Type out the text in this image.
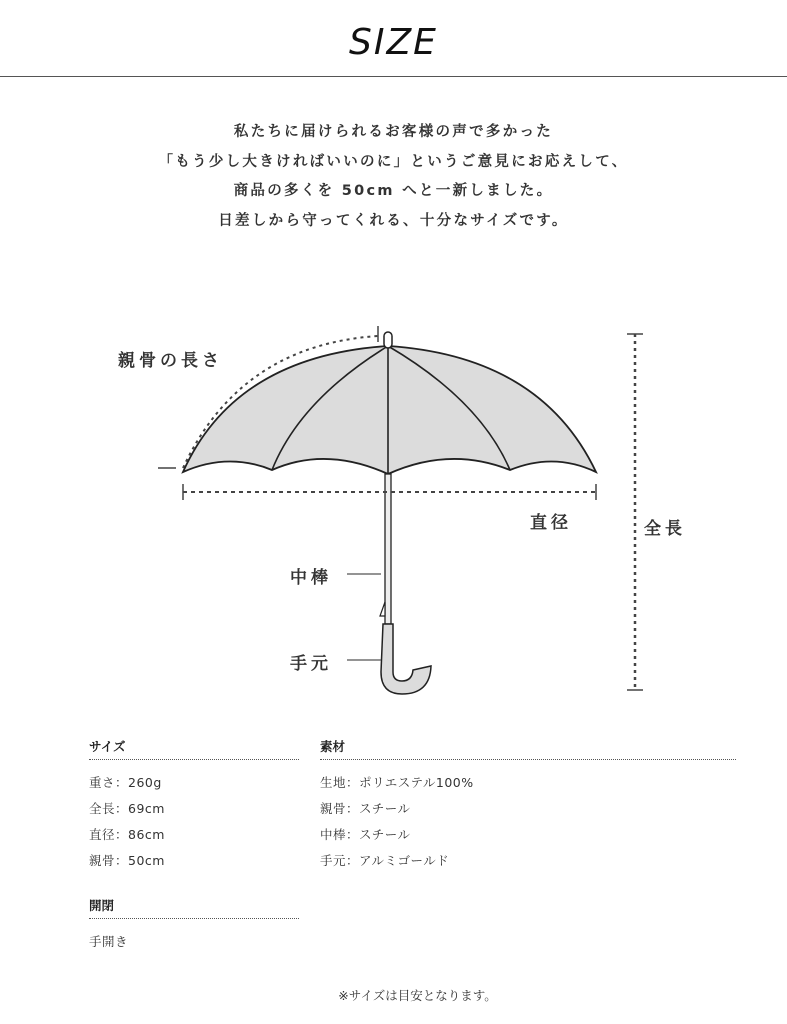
SIZE
私たちに届けられるお客様の声で多かった
「もう少し大きければいいのに」というご意見にお応えして、
商品の多くを 50cm へと一新しました。
日差しから守ってくれる、十分なサイズです。
親骨の長さ
直径	全長
中棒
手元
サイズ
重さ：260g
全長：69cm
直径：86cm
親骨：50cm
素材
生地：ポリエステル100%
親骨：スチール
中棒：スチール
手元：アルミゴールド
開閉
手開き
※サイズは目安となります。
